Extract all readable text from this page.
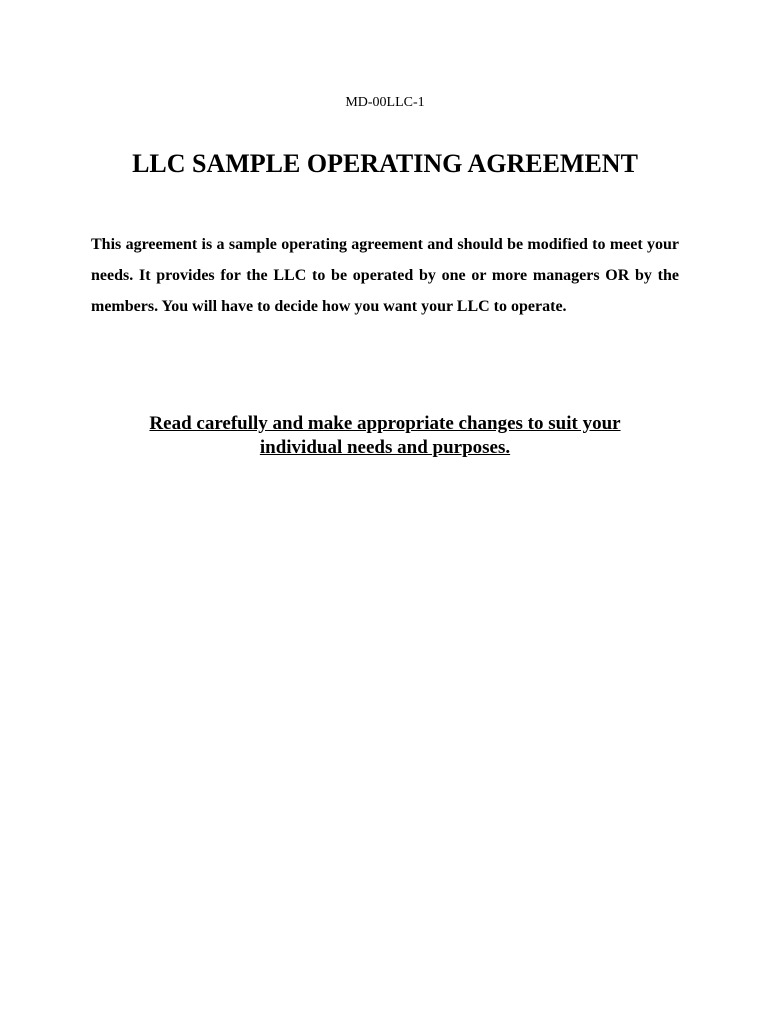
MD-00LLC-1
LLC SAMPLE OPERATING AGREEMENT

This agreement is a sample operating agreement and should be modified to meet your needs. It provides for the LLC to be operated by one or more managers OR by the members. You will have to decide how you want your LLC to operate.

Read carefully and make appropriate changes to suit your individual needs and purposes.
